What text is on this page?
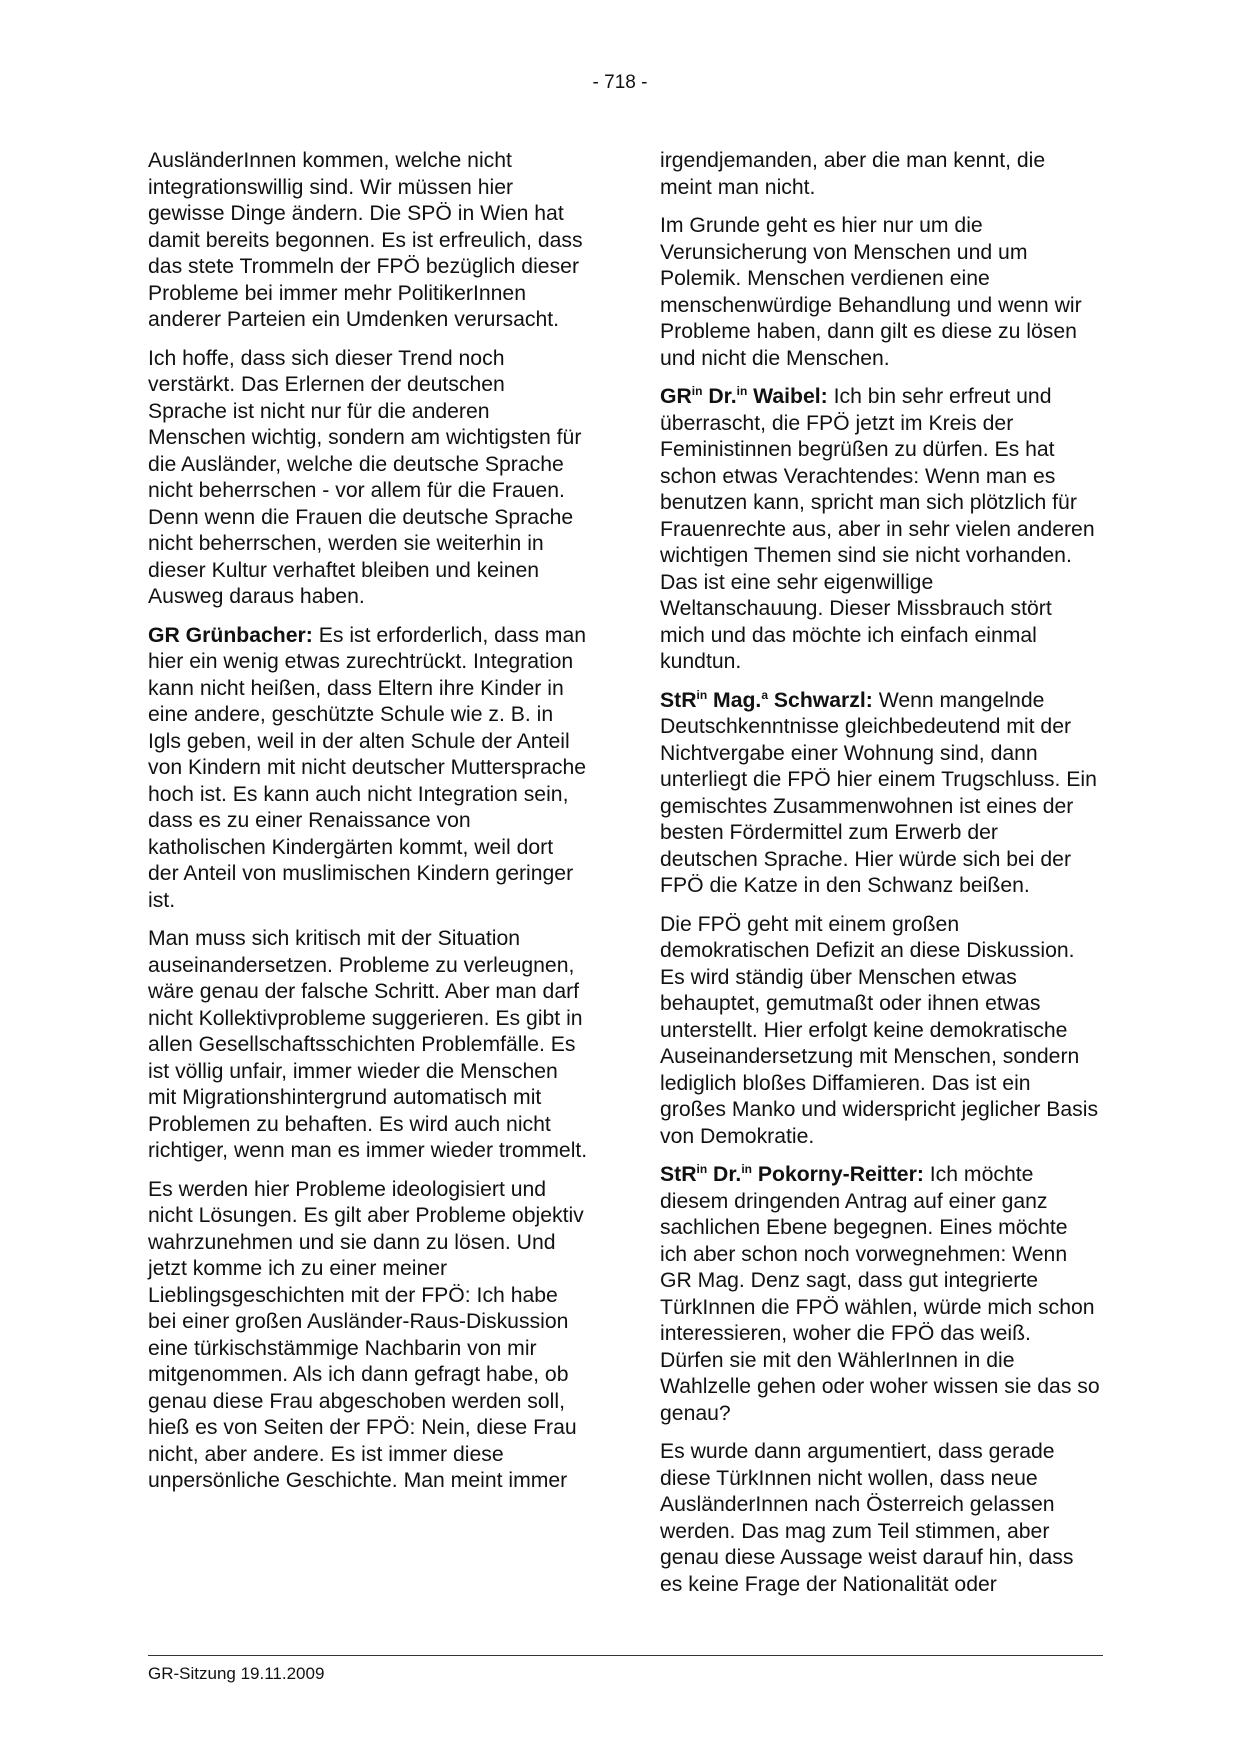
- 718 -

AusländerInnen kommen, welche nicht integrationswillig sind. Wir müssen hier gewisse Dinge ändern. Die SPÖ in Wien hat damit bereits begonnen. Es ist erfreulich, dass das stete Trommeln der FPÖ bezüglich dieser Probleme bei immer mehr PolitikerInnen anderer Parteien ein Umdenken verursacht.

Ich hoffe, dass sich dieser Trend noch verstärkt. Das Erlernen der deutschen Sprache ist nicht nur für die anderen Menschen wichtig, sondern am wichtigsten für die Ausländer, welche die deutsche Sprache nicht beherrschen - vor allem für die Frauen. Denn wenn die Frauen die deutsche Sprache nicht beherrschen, werden sie weiterhin in dieser Kultur verhaftet bleiben und keinen Ausweg daraus haben.

GR Grünbacher: Es ist erforderlich, dass man hier ein wenig etwas zurechtrückt. Integration kann nicht heißen, dass Eltern ihre Kinder in eine andere, geschützte Schule wie z. B. in Igls geben, weil in der alten Schule der Anteil von Kindern mit nicht deutscher Muttersprache hoch ist. Es kann auch nicht Integration sein, dass es zu einer Renaissance von katholischen Kindergärten kommt, weil dort der Anteil von muslimischen Kindern geringer ist.

Man muss sich kritisch mit der Situation auseinandersetzen. Probleme zu verleugnen, wäre genau der falsche Schritt. Aber man darf nicht Kollektivprobleme suggerieren. Es gibt in allen Gesellschaftsschichten Problemfälle. Es ist völlig unfair, immer wieder die Menschen mit Migrationshintergrund automatisch mit Problemen zu behaften. Es wird auch nicht richtiger, wenn man es immer wieder trommelt.

Es werden hier Probleme ideologisiert und nicht Lösungen. Es gilt aber Probleme objektiv wahrzunehmen und sie dann zu lösen. Und jetzt komme ich zu einer meiner Lieblingsgeschichten mit der FPÖ: Ich habe bei einer großen Ausländer-Raus-Diskussion eine türkischstämmige Nachbarin von mir mitgenommen. Als ich dann gefragt habe, ob genau diese Frau abgeschoben werden soll, hieß es von Seiten der FPÖ: Nein, diese Frau nicht, aber andere. Es ist immer diese unpersönliche Geschichte. Man meint immer

irgendjemanden, aber die man kennt, die meint man nicht.

Im Grunde geht es hier nur um die Verunsicherung von Menschen und um Polemik. Menschen verdienen eine menschenwürdige Behandlung und wenn wir Probleme haben, dann gilt es diese zu lösen und nicht die Menschen.

$GR^{in}$ Dr.$^{in}$ Waibel: Ich bin sehr erfreut und überrascht, die FPÖ jetzt im Kreis der Feministinnen begrüßen zu dürfen. Es hat schon etwas Verachtendes: Wenn man es benutzen kann, spricht man sich plötzlich für Frauenrechte aus, aber in sehr vielen anderen wichtigen Themen sind sie nicht vorhanden. Das ist eine sehr eigenwillige Weltanschauung. Dieser Missbrauch stört mich und das möchte ich einfach einmal kundtun.

StR$^{in}$ Mag.$^a$ Schwarzl: Wenn mangelnde Deutschkenntnisse gleichbedeutend mit der Nichtvergabe einer Wohnung sind, dann unterliegt die FPÖ hier einem Trugschluss. Ein gemischtes Zusammenwohnen ist eines der besten Fördermittel zum Erwerb der deutschen Sprache. Hier würde sich bei der FPÖ die Katze in den Schwanz beißen.

Die FPÖ geht mit einem großen demokratischen Defizit an diese Diskussion. Es wird ständig über Menschen etwas behauptet, gemutmaßt oder ihnen etwas unterstellt. Hier erfolgt keine demokratische Auseinandersetzung mit Menschen, sondern lediglich bloßes Diffamieren. Das ist ein großes Manko und widerspricht jeglicher Basis von Demokratie.

StR$^{in}$ Dr.$^{in}$ Pokorny-Reitter: Ich möchte diesem dringenden Antrag auf einer ganz sachlichen Ebene begegnen. Eines möchte ich aber schon noch vorwegnehmen: Wenn GR Mag. Denz sagt, dass gut integrierte TürkInnen die FPÖ wählen, würde mich schon interessieren, woher die FPÖ das weiß. Dürfen sie mit den WählerInnen in die Wahlzelle gehen oder woher wissen sie das so genau?

Es wurde dann argumentiert, dass gerade diese TürkInnen nicht wollen, dass neue AusländerInnen nach Österreich gelassen werden. Das mag zum Teil stimmen, aber genau diese Aussage weist darauf hin, dass es keine Frage der Nationalität oder

GR-Sitzung 19.11.2009
